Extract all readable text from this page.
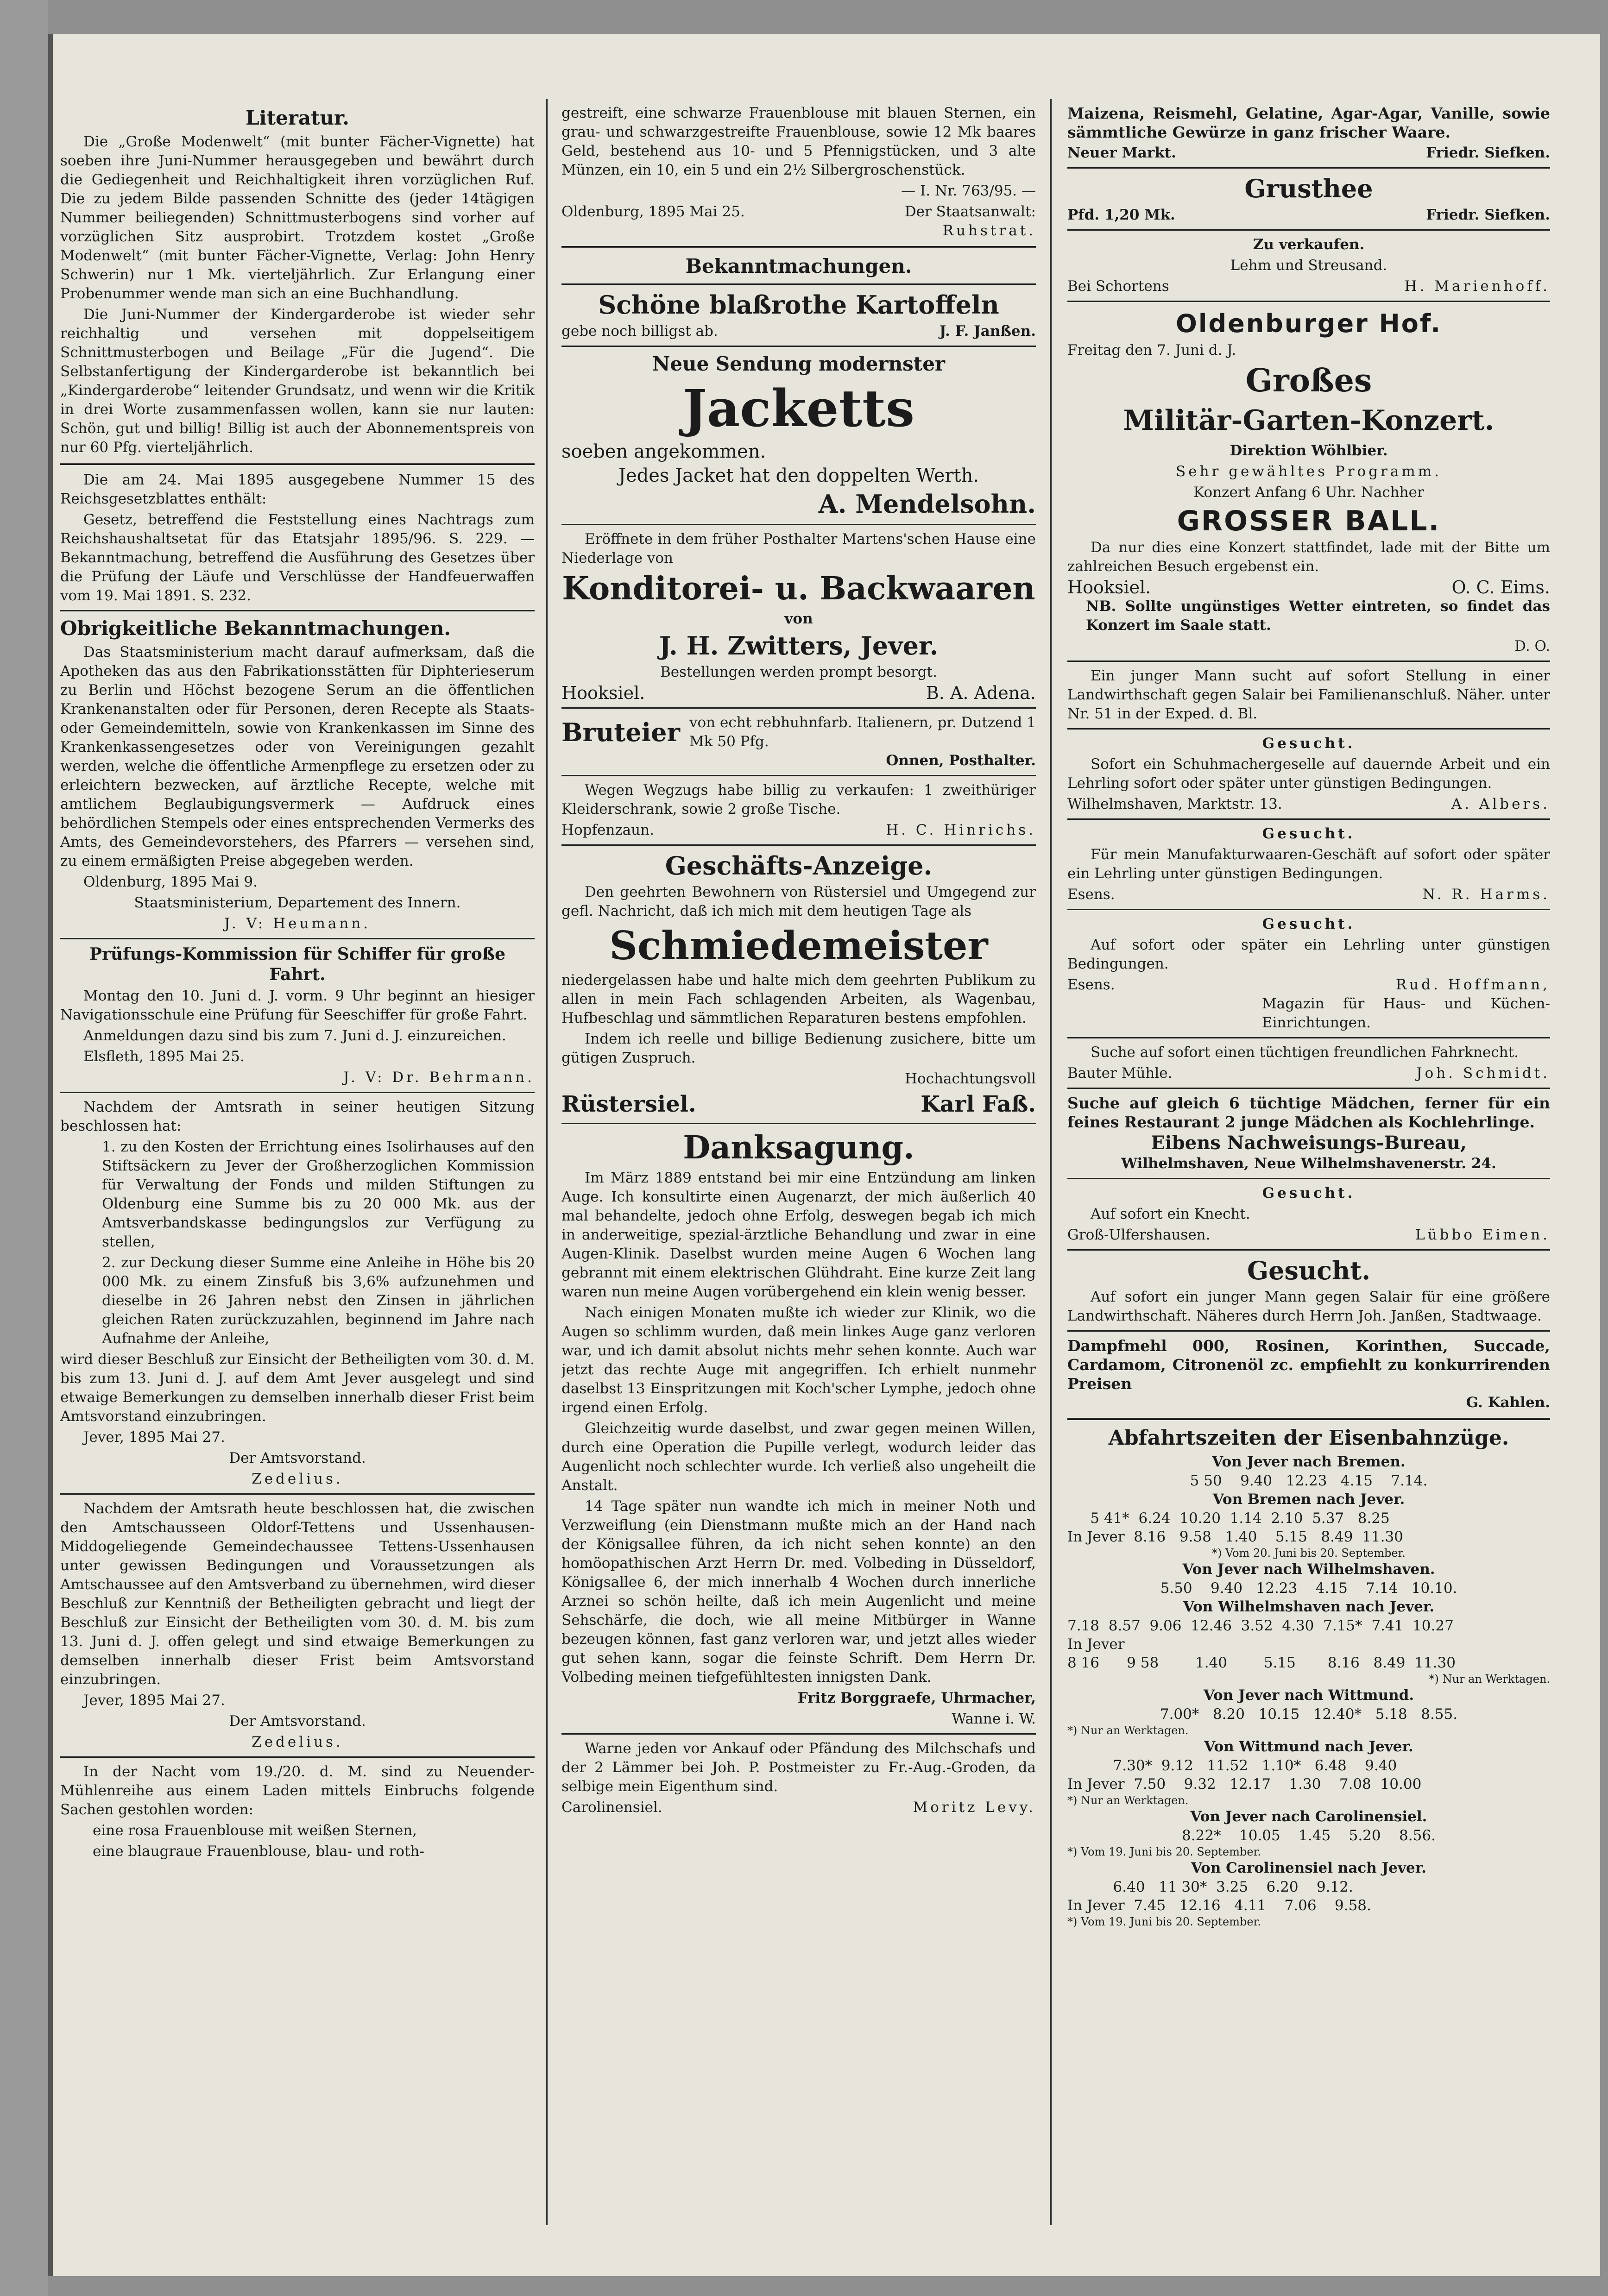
Literatur.

Die „Große Modenwelt“ (mit bunter Fächer-Vignette) hat soeben ihre Juni-Nummer herausgegeben und bewährt durch die Gediegenheit und Reichhaltigkeit ihren vorzüglichen Ruf. Die zu jedem Bilde passenden Schnitte des (jeder 14tägigen Nummer beiliegenden) Schnittmusterbogens sind vorher auf vorzüglichen Sitz ausprobirt. Trotzdem kostet „Große Modenwelt“ (mit bunter Fächer-Vignette, Verlag: John Henry Schwerin) nur 1 Mk. vierteljährlich. Zur Erlangung einer Probenummer wende man sich an eine Buchhandlung.

Die Juni-Nummer der Kindergarderobe ist wieder sehr reichhaltig und versehen mit doppelseitigem Schnittmusterbogen und Beilage „Für die Jugend“. Die Selbstanfertigung der Kindergarderobe ist bekanntlich bei „Kindergarderobe“ leitender Grundsatz, und wenn wir die Kritik in drei Worte zusammenfassen wollen, kann sie nur lauten: Schön, gut und billig! Billig ist auch der Abonnementspreis von nur 60 Pfg. vierteljährlich.

Die am 24. Mai 1895 ausgegebene Nummer 15 des Reichsgesetzblattes enthält:

Gesetz, betreffend die Feststellung eines Nachtrags zum Reichshaushaltsetat für das Etatsjahr 1895/96. S. 229. — Bekanntmachung, betreffend die Ausführung des Gesetzes über die Prüfung der Läufe und Verschlüsse der Handfeuerwaffen vom 19. Mai 1891. S. 232.

Obrigkeitliche Bekanntmachungen.

Das Staatsministerium macht darauf aufmerksam, daß die Apotheken das aus den Fabrikationsstätten für Diphterieserum zu Berlin und Höchst bezogene Serum an die öffentlichen Krankenanstalten oder für Personen, deren Recepte als Staats- oder Gemeindemitteln, sowie von Krankenkassen im Sinne des Krankenkassengesetzes oder von Vereinigungen gezahlt werden, welche die öffentliche Armenpflege zu ersetzen oder zu erleichtern bezwecken, auf ärztliche Recepte, welche mit amtlichem Beglaubigungsvermerk — Aufdruck eines behördlichen Stempels oder eines entsprechenden Vermerks des Amts, des Gemeindevorstehers, des Pfarrers — versehen sind, zu einem ermäßigten Preise abgegeben werden.

Oldenburg, 1895 Mai 9.

Staatsministerium, Departement des Innern.

J. V: Heumann.

Prüfungs-Kommission für Schiffer für große Fahrt.

Montag den 10. Juni d. J. vorm. 9 Uhr beginnt an hiesiger Navigationsschule eine Prüfung für Seeschiffer für große Fahrt.

Anmeldungen dazu sind bis zum 7. Juni d. J. einzureichen.

Elsfleth, 1895 Mai 25.

J. V: Dr. Behrmann.

Nachdem der Amtsrath in seiner heutigen Sitzung beschlossen hat:

1. zu den Kosten der Errichtung eines Isolirhauses auf den Stiftsäckern zu Jever der Großherzoglichen Kommission für Verwaltung der Fonds und milden Stiftungen zu Oldenburg eine Summe bis zu 20 000 Mk. aus der Amtsverbandskasse bedingungslos zur Verfügung zu stellen,

2. zur Deckung dieser Summe eine Anleihe in Höhe bis 20 000 Mk. zu einem Zinsfuß bis 3,6% aufzunehmen und dieselbe in 26 Jahren nebst den Zinsen in jährlichen gleichen Raten zurückzuzahlen, beginnend im Jahre nach Aufnahme der Anleihe,

wird dieser Beschluß zur Einsicht der Betheiligten vom 30. d. M. bis zum 13. Juni d. J. auf dem Amt Jever ausgelegt und sind etwaige Bemerkungen zu demselben innerhalb dieser Frist beim Amtsvorstand einzubringen.

Jever, 1895 Mai 27.

Der Amtsvorstand.

Zedelius.

Nachdem der Amtsrath heute beschlossen hat, die zwischen den Amtschausseen Oldorf-Tettens und Ussenhausen-Middogeliegende Gemeindechaussee Tettens-Ussenhausen unter gewissen Bedingungen und Voraussetzungen als Amtschaussee auf den Amtsverband zu übernehmen, wird dieser Beschluß zur Kenntniß der Betheiligten gebracht und liegt der Beschluß zur Einsicht der Betheiligten vom 30. d. M. bis zum 13. Juni d. J. offen gelegt und sind etwaige Bemerkungen zu demselben innerhalb dieser Frist beim Amtsvorstand einzubringen.

Jever, 1895 Mai 27.

Der Amtsvorstand.

Zedelius.

In der Nacht vom 19./20. d. M. sind zu Neuender-Mühlenreihe aus einem Laden mittels Einbruchs folgende Sachen gestohlen worden:

eine rosa Frauenblouse mit weißen Sternen,

eine blaugraue Frauenblouse, blau- und roth-

gestreift, eine schwarze Frauenblouse mit blauen Sternen, ein grau- und schwarzgestreifte Frauenblouse, sowie 12 Mk baares Geld, bestehend aus 10- und 5 Pfennigstücken, und 3 alte Münzen, ein 10, ein 5 und ein 2½ Silbergroschenstück.

— I. Nr. 763/95. —

Oldenburg, 1895 Mai 25.	Der Staatsanwalt:

Ruhstrat.

Bekanntmachungen.
Schöne blaßrothe Kartoffeln
gebe noch billigst ab.	J. F. Janßen.
Neue Sendung modernster
Jacketts

soeben angekommen.

Jedes Jacket hat den doppelten Werth.

A. Mendelsohn.

Eröffnete in dem früher Posthalter Martens'schen Hause eine Niederlage von

Konditorei- u. Backwaaren

von

J. H. Zwitters, Jever.

Bestellungen werden prompt besorgt.

Hooksiel.	B. A. Adena.
Bruteier von echt rebhuhnfarb. Italienern, pr. Dutzend 1 Mk 50 Pfg.

Onnen, Posthalter.

Wegen Wegzugs habe billig zu verkaufen: 1 zweithüriger Kleiderschrank, sowie 2 große Tische.

Hopfenzaun.	H. C. Hinrichs.
Geschäfts-Anzeige.

Den geehrten Bewohnern von Rüstersiel und Umgegend zur gefl. Nachricht, daß ich mich mit dem heutigen Tage als

Schmiedemeister

niedergelassen habe und halte mich dem geehrten Publikum zu allen in mein Fach schlagenden Arbeiten, als Wagenbau, Hufbeschlag und sämmtlichen Reparaturen bestens empfohlen.

Indem ich reelle und billige Bedienung zusichere, bitte um gütigen Zuspruch.

Hochachtungsvoll

Rüstersiel.	Karl Faß.
Danksagung.

Im März 1889 entstand bei mir eine Entzündung am linken Auge. Ich konsultirte einen Augenarzt, der mich äußerlich 40 mal behandelte, jedoch ohne Erfolg, deswegen begab ich mich in anderweitige, spezial-ärztliche Behandlung und zwar in eine Augen-Klinik. Daselbst wurden meine Augen 6 Wochen lang gebrannt mit einem elektrischen Glühdraht. Eine kurze Zeit lang waren nun meine Augen vorübergehend ein klein wenig besser.

Nach einigen Monaten mußte ich wieder zur Klinik, wo die Augen so schlimm wurden, daß mein linkes Auge ganz verloren war, und ich damit absolut nichts mehr sehen konnte. Auch war jetzt das rechte Auge mit angegriffen. Ich erhielt nunmehr daselbst 13 Einspritzungen mit Koch'scher Lymphe, jedoch ohne irgend einen Erfolg.

Gleichzeitig wurde daselbst, und zwar gegen meinen Willen, durch eine Operation die Pupille verlegt, wodurch leider das Augenlicht noch schlechter wurde. Ich verließ also ungeheilt die Anstalt.

14 Tage später nun wandte ich mich in meiner Noth und Verzweiflung (ein Dienstmann mußte mich an der Hand nach der Königsallee führen, da ich nicht sehen konnte) an den homöopathischen Arzt Herrn Dr. med. Volbeding in Düsseldorf, Königsallee 6, der mich innerhalb 4 Wochen durch innerliche Arznei so schön heilte, daß ich mein Augenlicht und meine Sehschärfe, die doch, wie all meine Mitbürger in Wanne bezeugen können, fast ganz verloren war, und jetzt alles wieder gut sehen kann, sogar die feinste Schrift. Dem Herrn Dr. Volbeding meinen tiefgefühltesten innigsten Dank.

Fritz Borggraefe, Uhrmacher,

Wanne i. W.

Warne jeden vor Ankauf oder Pfändung des Milchschafs und der 2 Lämmer bei Joh. P. Postmeister zu Fr.-Aug.-Groden, da selbige mein Eigenthum sind.

Carolinensiel.	Moritz Levy.

Maizena, Reismehl, Gelatine, Agar-Agar, Vanille, sowie sämmtliche Gewürze in ganz frischer Waare.

Neuer Markt.	Friedr. Siefken.
Grusthee
Pfd. 1,20 Mk.	Friedr. Siefken.

Zu verkaufen.

Lehm und Streusand.

Bei Schortens	H. Marienhoff.
Oldenburger Hof.

Freitag den 7. Juni d. J.

Großes
Militär-Garten-Konzert.

Direktion Wöhlbier.

Sehr gewähltes Programm.

Konzert Anfang 6 Uhr. Nachher

GROSSER BALL.

Da nur dies eine Konzert stattfindet, lade mit der Bitte um zahlreichen Besuch ergebenst ein.

Hooksiel.	O. C. Eims.

NB. Sollte ungünstiges Wetter eintreten, so findet das Konzert im Saale statt.

D. O.

Ein junger Mann sucht auf sofort Stellung in einer Landwirthschaft gegen Salair bei Familienanschluß. Näher. unter Nr. 51 in der Exped. d. Bl.

Gesucht.

Sofort ein Schuhmachergeselle auf dauernde Arbeit und ein Lehrling sofort oder später unter günstigen Bedingungen.

Wilhelmshaven, Marktstr. 13.	A. Albers.

Gesucht.

Für mein Manufakturwaaren-Geschäft auf sofort oder später ein Lehrling unter günstigen Bedingungen.

Esens.	N. R. Harms.

Gesucht.

Auf sofort oder später ein Lehrling unter günstigen Bedingungen.

Esens.	Rud. Hoffmann,

Magazin für Haus- und Küchen-Einrichtungen.

Suche auf sofort einen tüchtigen freundlichen Fahrknecht.

Bauter Mühle.	Joh. Schmidt.

Suche auf gleich 6 tüchtige Mädchen, ferner für ein feines Restaurant 2 junge Mädchen als Kochlehrlinge.

Eibens Nachweisungs-Bureau,

Wilhelmshaven, Neue Wilhelmshavenerstr. 24.

Gesucht.

Auf sofort ein Knecht.

Groß-Ulfershausen.	Lübbo Eimen.
Gesucht.

Auf sofort ein junger Mann gegen Salair für eine größere Landwirthschaft. Näheres durch Herrn Joh. Janßen, Stadtwaage.

Dampfmehl 000, Rosinen, Korinthen, Succade, Cardamom, Citronenöl zc. empfiehlt zu konkurrirenden Preisen

G. Kahlen.

Abfahrtszeiten der Eisenbahnzüge.

Von Jever nach Bremen.

5 50    9.40   12.23   4.15    7.14.

Von Bremen nach Jever.

5 41*  6.24  10.20  1.14  2.10  5.37   8.25
In Jever  8.16   9.58   1.40    5.15   8.49  11.30
*) Vom 20. Juni bis 20. September.

Von Jever nach Wilhelmshaven.

5.50    9.40   12.23    4.15    7.14   10.10.

Von Wilhelmshaven nach Jever.

7.18  8.57  9.06  12.46  3.52  4.30  7.15*  7.41  10.27
In Jever
8 16      9 58        1.40        5.15       8.16   8.49  11.30
*) Nur an Werktagen.

Von Jever nach Wittmund.

7.00*   8.20   10.15   12.40*   5.18   8.55.
*) Nur an Werktagen.

Von Wittmund nach Jever.

7.30*  9.12   11.52   1.10*   6.48    9.40
In Jever  7.50    9.32   12.17    1.30    7.08  10.00
*) Nur an Werktagen.

Von Jever nach Carolinensiel.

8.22*    10.05    1.45    5.20    8.56.
*) Vom 19. Juni bis 20. September.

Von Carolinensiel nach Jever.

6.40   11 30*  3.25    6.20    9.12.
In Jever  7.45   12.16   4.11    7.06    9.58.
*) Vom 19. Juni bis 20. September.
